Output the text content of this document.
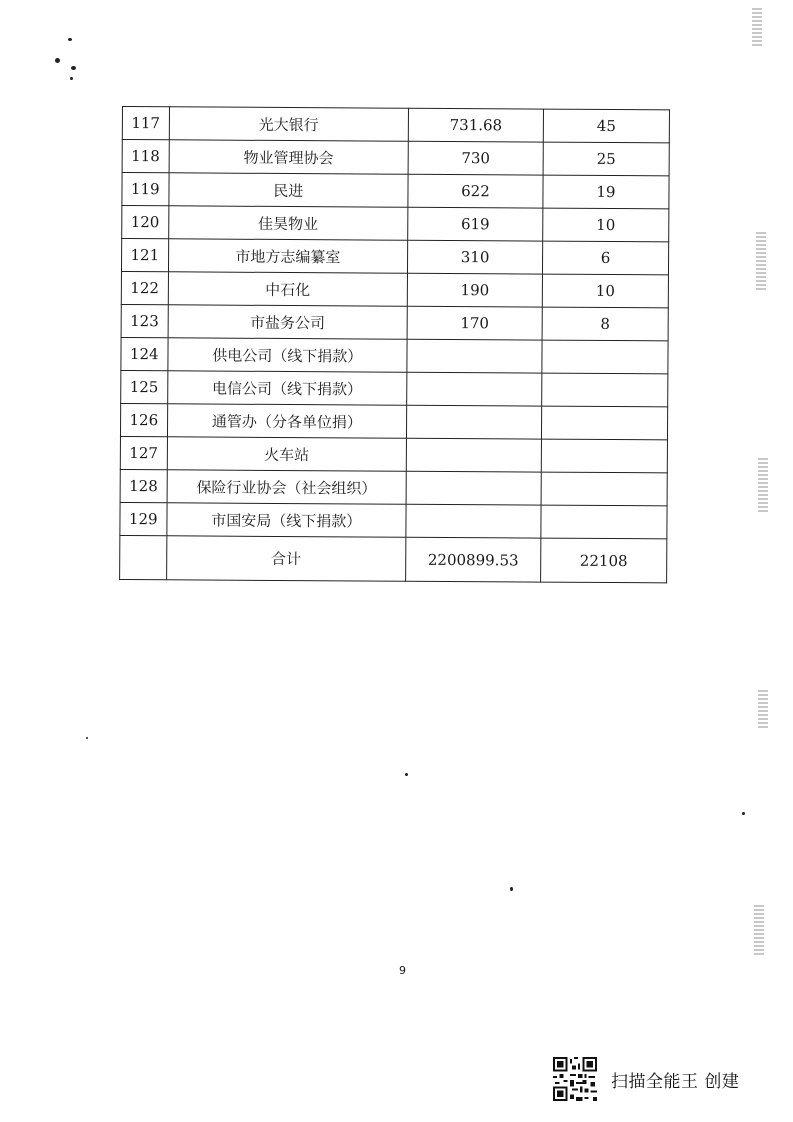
117	光大银行	731.68	45
118	物业管理协会	730	25
119	民进	622	19
120	佳昊物业	619	10
121	市地方志编纂室	310	6
122	中石化	190	10
123	市盐务公司	170	8
124	供电公司（线下捐款）		
125	电信公司（线下捐款）		
126	通管办（分各单位捐）		
127	火车站		
128	保险行业协会（社会组织）		
129	市国安局（线下捐款）		
	合计	2200899.53	22108
9
扫描全能王 创建
